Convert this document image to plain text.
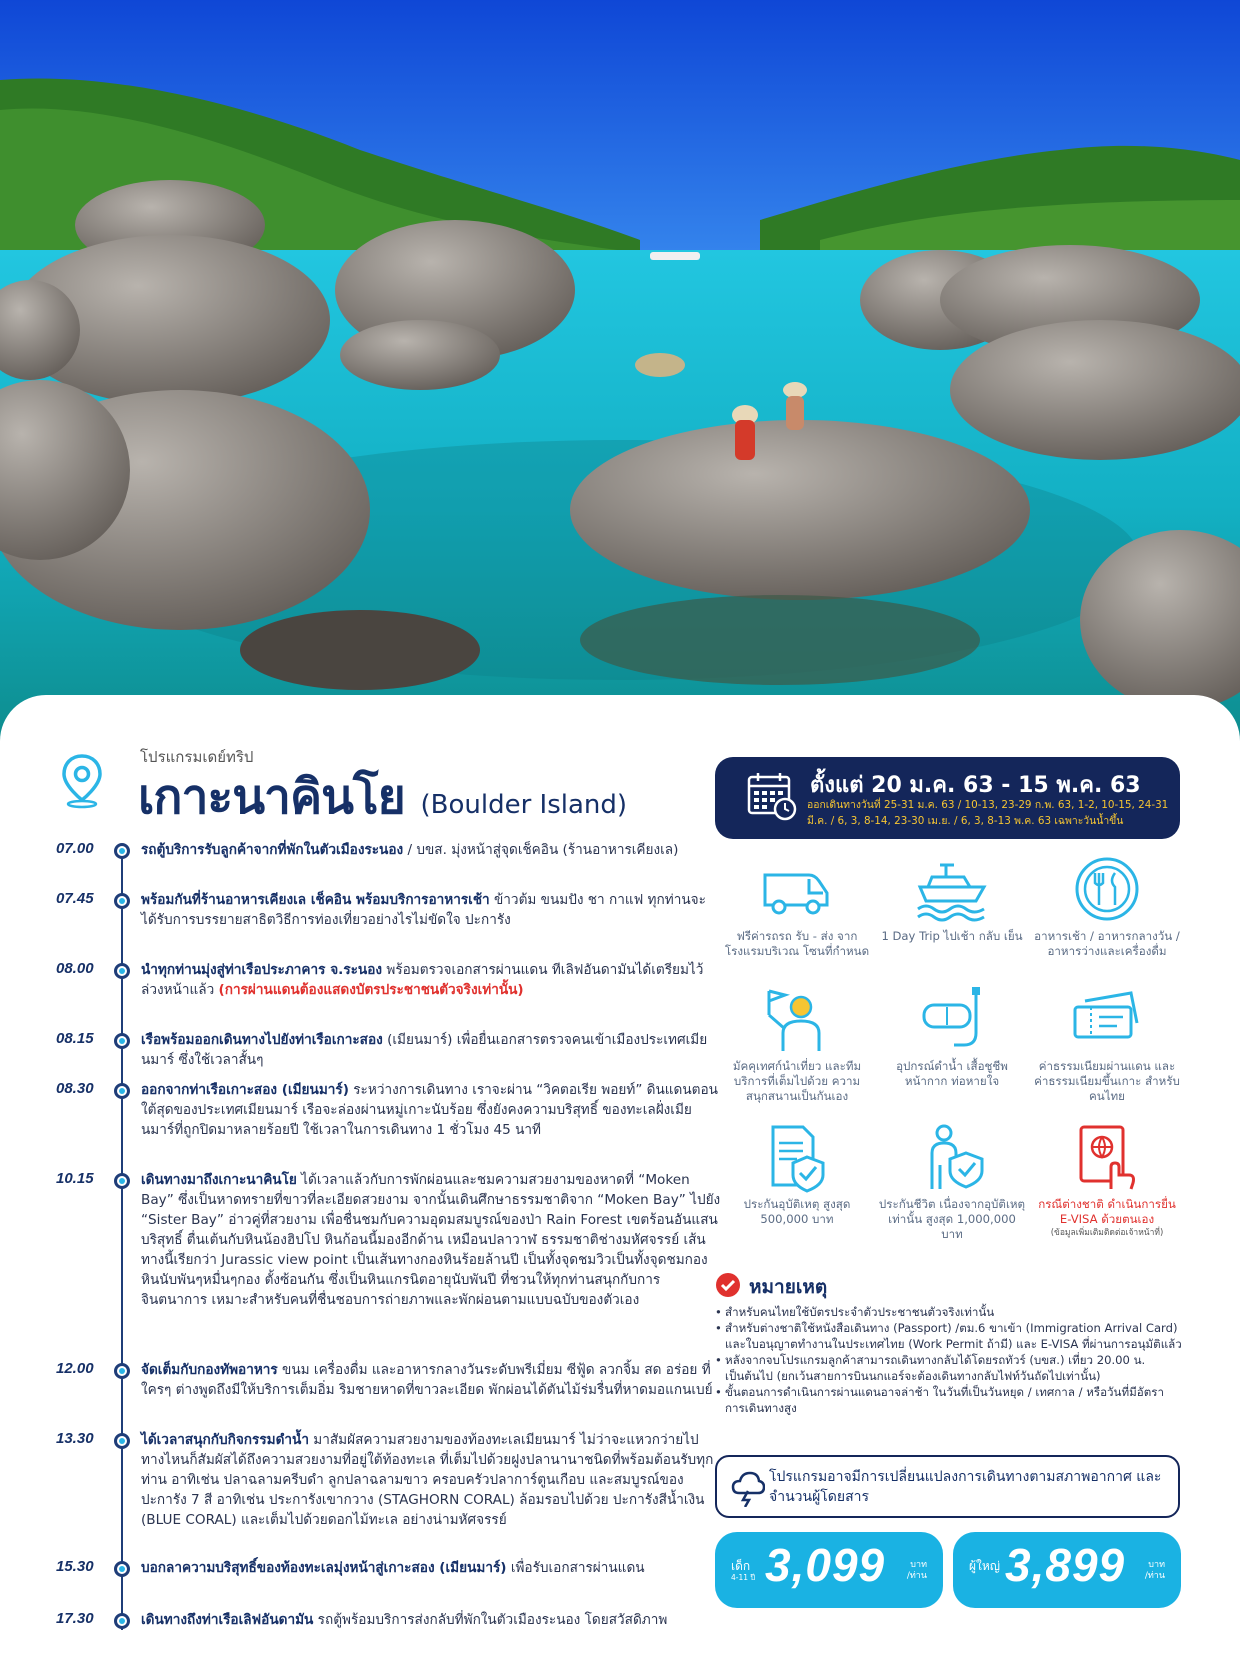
โปรแกรมเดย์ทริป
เกาะนาคินโย (Boulder Island)
07.00	รถตู้บริการรับลูกค้าจากที่พักในตัวเมืองระนอง / บขส. มุ่งหน้าสู่จุดเช็คอิน (ร้านอาหารเคียงเล)
07.45	พร้อมกันที่ร้านอาหารเคียงเล เช็คอิน พร้อมบริการอาหารเช้า ข้าวต้ม ขนมปัง ชา กาแฟ ทุกท่านจะได้รับการบรรยายสาธิตวิธีการท่องเที่ยวอย่างไรไม่ขัดใจ ปะการัง
08.00	นำทุกท่านมุ่งสู่ท่าเรือประภาคาร จ.ระนอง พร้อมตรวจเอกสารผ่านแดน ทีเลิฟอันดามันได้เตรียมไว้ล่วงหน้าแล้ว (การผ่านแดนต้องแสดงบัตรประชาชนตัวจริงเท่านั้น)
08.15	เรือพร้อมออกเดินทางไปยังท่าเรือเกาะสอง (เมียนมาร์) เพื่อยื่นเอกสารตรวจคนเข้าเมืองประเทศเมียนมาร์ ซึ่งใช้เวลาสั้นๆ
08.30	ออกจากท่าเรือเกาะสอง (เมียนมาร์) ระหว่างการเดินทาง เราจะผ่าน “วิคตอเรีย พอยท์” ดินแดนตอนใต้สุดของประเทศเมียนมาร์ เรือจะล่องผ่านหมู่เกาะนับร้อย ซึ่งยังคงความบริสุทธิ์ ของทะเลฝั่งเมียนมาร์ที่ถูกปิดมาหลายร้อยปี ใช้เวลาในการเดินทาง 1 ชั่วโมง 45 นาที
10.15	เดินทางมาถึงเกาะนาคินโย ได้เวลาแล้วกับการพักผ่อนและชมความสวยงามของหาดที่ “Moken Bay” ซึ่งเป็นหาดทรายที่ขาวที่ละเอียดสวยงาม จากนั้นเดินศึกษาธรรมชาติจาก “Moken Bay” ไปยัง “Sister Bay” อ่าวคู่ที่สวยงาม เพื่อชื่นชมกับความอุดมสมบูรณ์ของป่า Rain Forest เขตร้อนอันแสนบริสุทธิ์ ตื่นเต้นกับหินน้องฮิปโป หินก้อนนี้มองอีกด้าน เหมือนปลาวาฬ ธรรมชาติช่างมหัศจรรย์ เส้นทางนี้เรียกว่า Jurassic view point เป็นเส้นทางกองหินร้อยล้านปี เป็นทั้งจุดชมวิวเป็นทั้งจุดชมกองหินนับพันๆหมื่นๆกอง ตั้งซ้อนกัน ซึ่งเป็นหินแกรนิตอายุนับพันปี ที่ชวนให้ทุกท่านสนุกกับการจินตนาการ เหมาะสำหรับคนที่ชื่นชอบการถ่ายภาพและพักผ่อนตามแบบฉบับของตัวเอง
12.00	จัดเต็มกับกองทัพอาหาร ขนม เครื่องดื่ม และอาหารกลางวันระดับพรีเมี่ยม ซีฟู้ด ลวกจิ้ม สด อร่อย ที่ใครๆ ต่างพูดถึงมีให้บริการเต็มอิ่ม ริมชายหาดที่ขาวละเอียด พักผ่อนได้ตันไม้ร่มรื่นที่หาดมอแกนเบย์
13.30	ได้เวลาสนุกกับกิจกรรมดำน้ำ มาสัมผัสความสวยงามของท้องทะเลเมียนมาร์ ไม่ว่าจะแหวกว่ายไปทางไหนก็สัมผัสได้ถึงความสวยงามที่อยู่ใต้ท้องทะเล ที่เต็มไปด้วยฝูงปลานานาชนิดที่พร้อมต้อนรับทุกท่าน อาทิเช่น ปลาฉลามครีบดำ ลูกปลาฉลามขาว ครอบครัวปลาการ์ตูนเกือบ และสมบูรณ์ของปะการัง 7 สี อาทิเช่น ประการังเขากวาง (STAGHORN CORAL) ล้อมรอบไปด้วย ปะการังสีน้ำเงิน (BLUE CORAL) และเต็มไปด้วยดอกไม้ทะเล อย่างน่ามหัศจรรย์
15.30	บอกลาความบริสุทธิ์ของท้องทะเลมุ่งหน้าสู่เกาะสอง (เมียนมาร์) เพื่อรับเอกสารผ่านแดน
17.30	เดินทางถึงท่าเรือเลิฟอันดามัน รถตู้พร้อมบริการส่งกลับที่พักในตัวเมืองระนอง โดยสวัสดิภาพ
ตั้งแต่ 20 ม.ค. 63 - 15 พ.ค. 63
ออกเดินทางวันที่ 25-31 ม.ค. 63 / 10-13, 23-29 ก.พ. 63, 1-2, 10-15, 24-31 มี.ค. / 6, 3, 8-14, 23-30 เม.ย. / 6, 3, 8-13 พ.ค. 63 เฉพาะวันน้ำขึ้น
ฟรีค่ารถรถ รับ - ส่ง จากโรงแรมบริเวณ โซนที่กำหนด
1 Day Trip ไปเช้า กลับ เย็น	อาหารเช้า / อาหารกลางวัน / อาหารว่างและเครื่องดื่ม
มัคคุเทศก์นำเที่ยว และทีมบริการที่เต็มไปด้วย ความสนุกสนานเป็นกันเอง
อุปกรณ์ดำน้ำ เสื้อชูชีพ หน้ากาก ท่อหายใจ
ค่าธรรมเนียมผ่านแดน และค่าธรรมเนียมขึ้นเกาะ สำหรับคนไทย
ประกันอุบัติเหตุ สูงสุด 500,000 บาท
ประกันชีวิต เนื่องจากอุบัติเหตุเท่านั้น สูงสุด 1,000,000 บาท
กรณีต่างชาติ ดำเนินการยื่น E-VISA ด้วยตนเอง
(ข้อมูลเพิ่มเติมติดต่อเจ้าหน้าที่)
หมายเหตุ
• สำหรับคนไทยใช้บัตรประจำตัวประชาชนตัวจริงเท่านั้น
• สำหรับต่างชาติใช้หนังสือเดินทาง (Passport) /ตม.6 ขาเข้า (Immigration Arrival Card) และใบอนุญาตทำงานในประเทศไทย (Work Permit ถ้ามี) และ E-VISA ที่ผ่านการอนุมัติแล้ว
• หลังจากจบโปรแกรมลูกค้าสามารถเดินทางกลับได้โดยรถทัวร์ (บขส.) เที่ยว 20.00 น. เป็นต้นไป (ยกเว้นสายการบินนกแอร์จะต้องเดินทางกลับไฟท์วันถัดไปเท่านั้น)
• ขั้นตอนการดำเนินการผ่านแดนอาจล่าช้า ในวันที่เป็นวันหยุด / เทศกาล / หรือวันที่มีอัตราการเดินทางสูง
โปรแกรมอาจมีการเปลี่ยนแปลงการเดินทางตามสภาพอากาศ และจำนวนผู้โดยสาร
เด็ก
4-11 ปี 3,099	บาท
/ท่าน
ผู้ใหญ่ 3,899	บาท
/ท่าน
